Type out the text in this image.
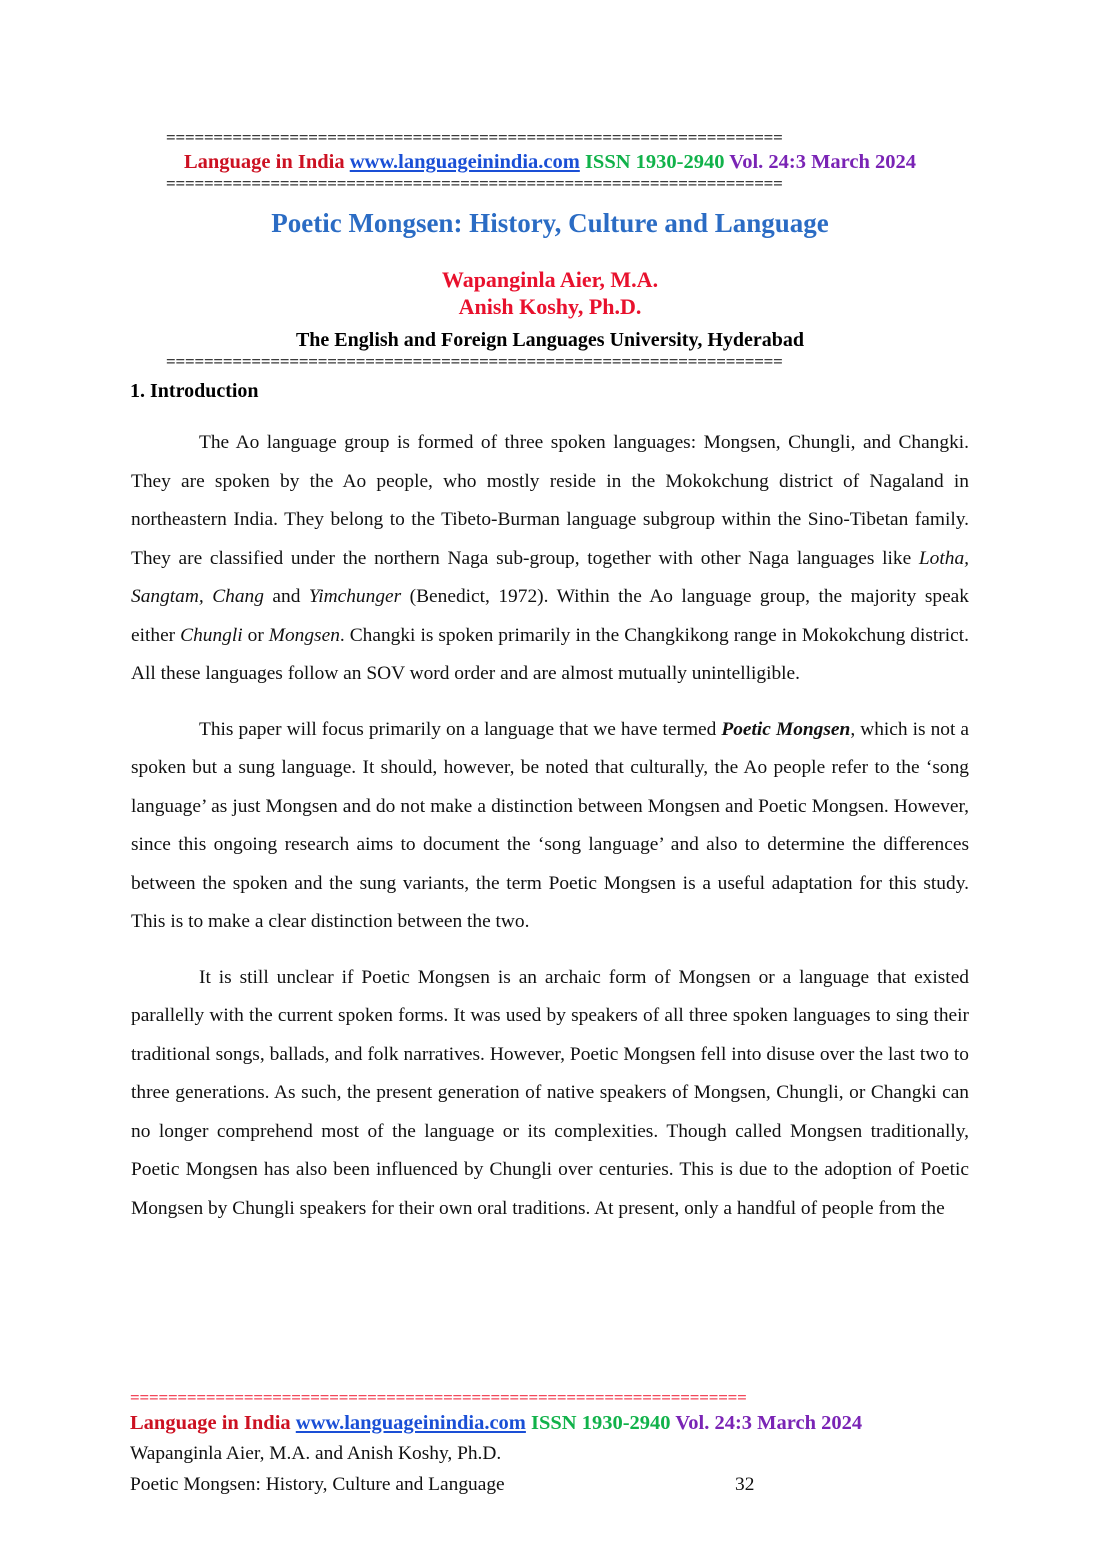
=================================================================
Language in India www.languageinindia.com ISSN 1930-2940 Vol. 24:3 March 2024
=================================================================
Poetic Mongsen: History, Culture and Language
Wapanginla Aier, M.A.
Anish Koshy, Ph.D.
The English and Foreign Languages University, Hyderabad
=================================================================
1. Introduction

The Ao language group is formed of three spoken languages: Mongsen, Chungli, and Changki. They are spoken by the Ao people, who mostly reside in the Mokokchung district of Nagaland in northeastern India. They belong to the Tibeto-Burman language subgroup within the Sino-Tibetan family. They are classified under the northern Naga sub-group, together with other Naga languages like Lotha, Sangtam, Chang and Yimchunger (Benedict, 1972). Within the Ao language group, the majority speak either Chungli or Mongsen. Changki is spoken primarily in the Changkikong range in Mokokchung district. All these languages follow an SOV word order and are almost mutually unintelligible.

This paper will focus primarily on a language that we have termed Poetic Mongsen, which is not a spoken but a sung language. It should, however, be noted that culturally, the Ao people refer to the ‘song language’ as just Mongsen and do not make a distinction between Mongsen and Poetic Mongsen. However, since this ongoing research aims to document the ‘song language’ and also to determine the differences between the spoken and the sung variants, the term Poetic Mongsen is a useful adaptation for this study. This is to make a clear distinction between the two.

It is still unclear if Poetic Mongsen is an archaic form of Mongsen or a language that existed parallelly with the current spoken forms. It was used by speakers of all three spoken languages to sing their traditional songs, ballads, and folk narratives. However, Poetic Mongsen fell into disuse over the last two to three generations. As such, the present generation of native speakers of Mongsen, Chungli, or Changki can no longer comprehend most of the language or its complexities. Though called Mongsen traditionally, Poetic Mongsen has also been influenced by Chungli over centuries. This is due to the adoption of Poetic Mongsen by Chungli speakers for their own oral traditions. At present, only a handful of people from the

=================================================================
Language in India www.languageinindia.com ISSN 1930-2940 Vol. 24:3 March 2024
Wapanginla Aier, M.A. and Anish Koshy, Ph.D.
Poetic Mongsen: History, Culture and Language	32
